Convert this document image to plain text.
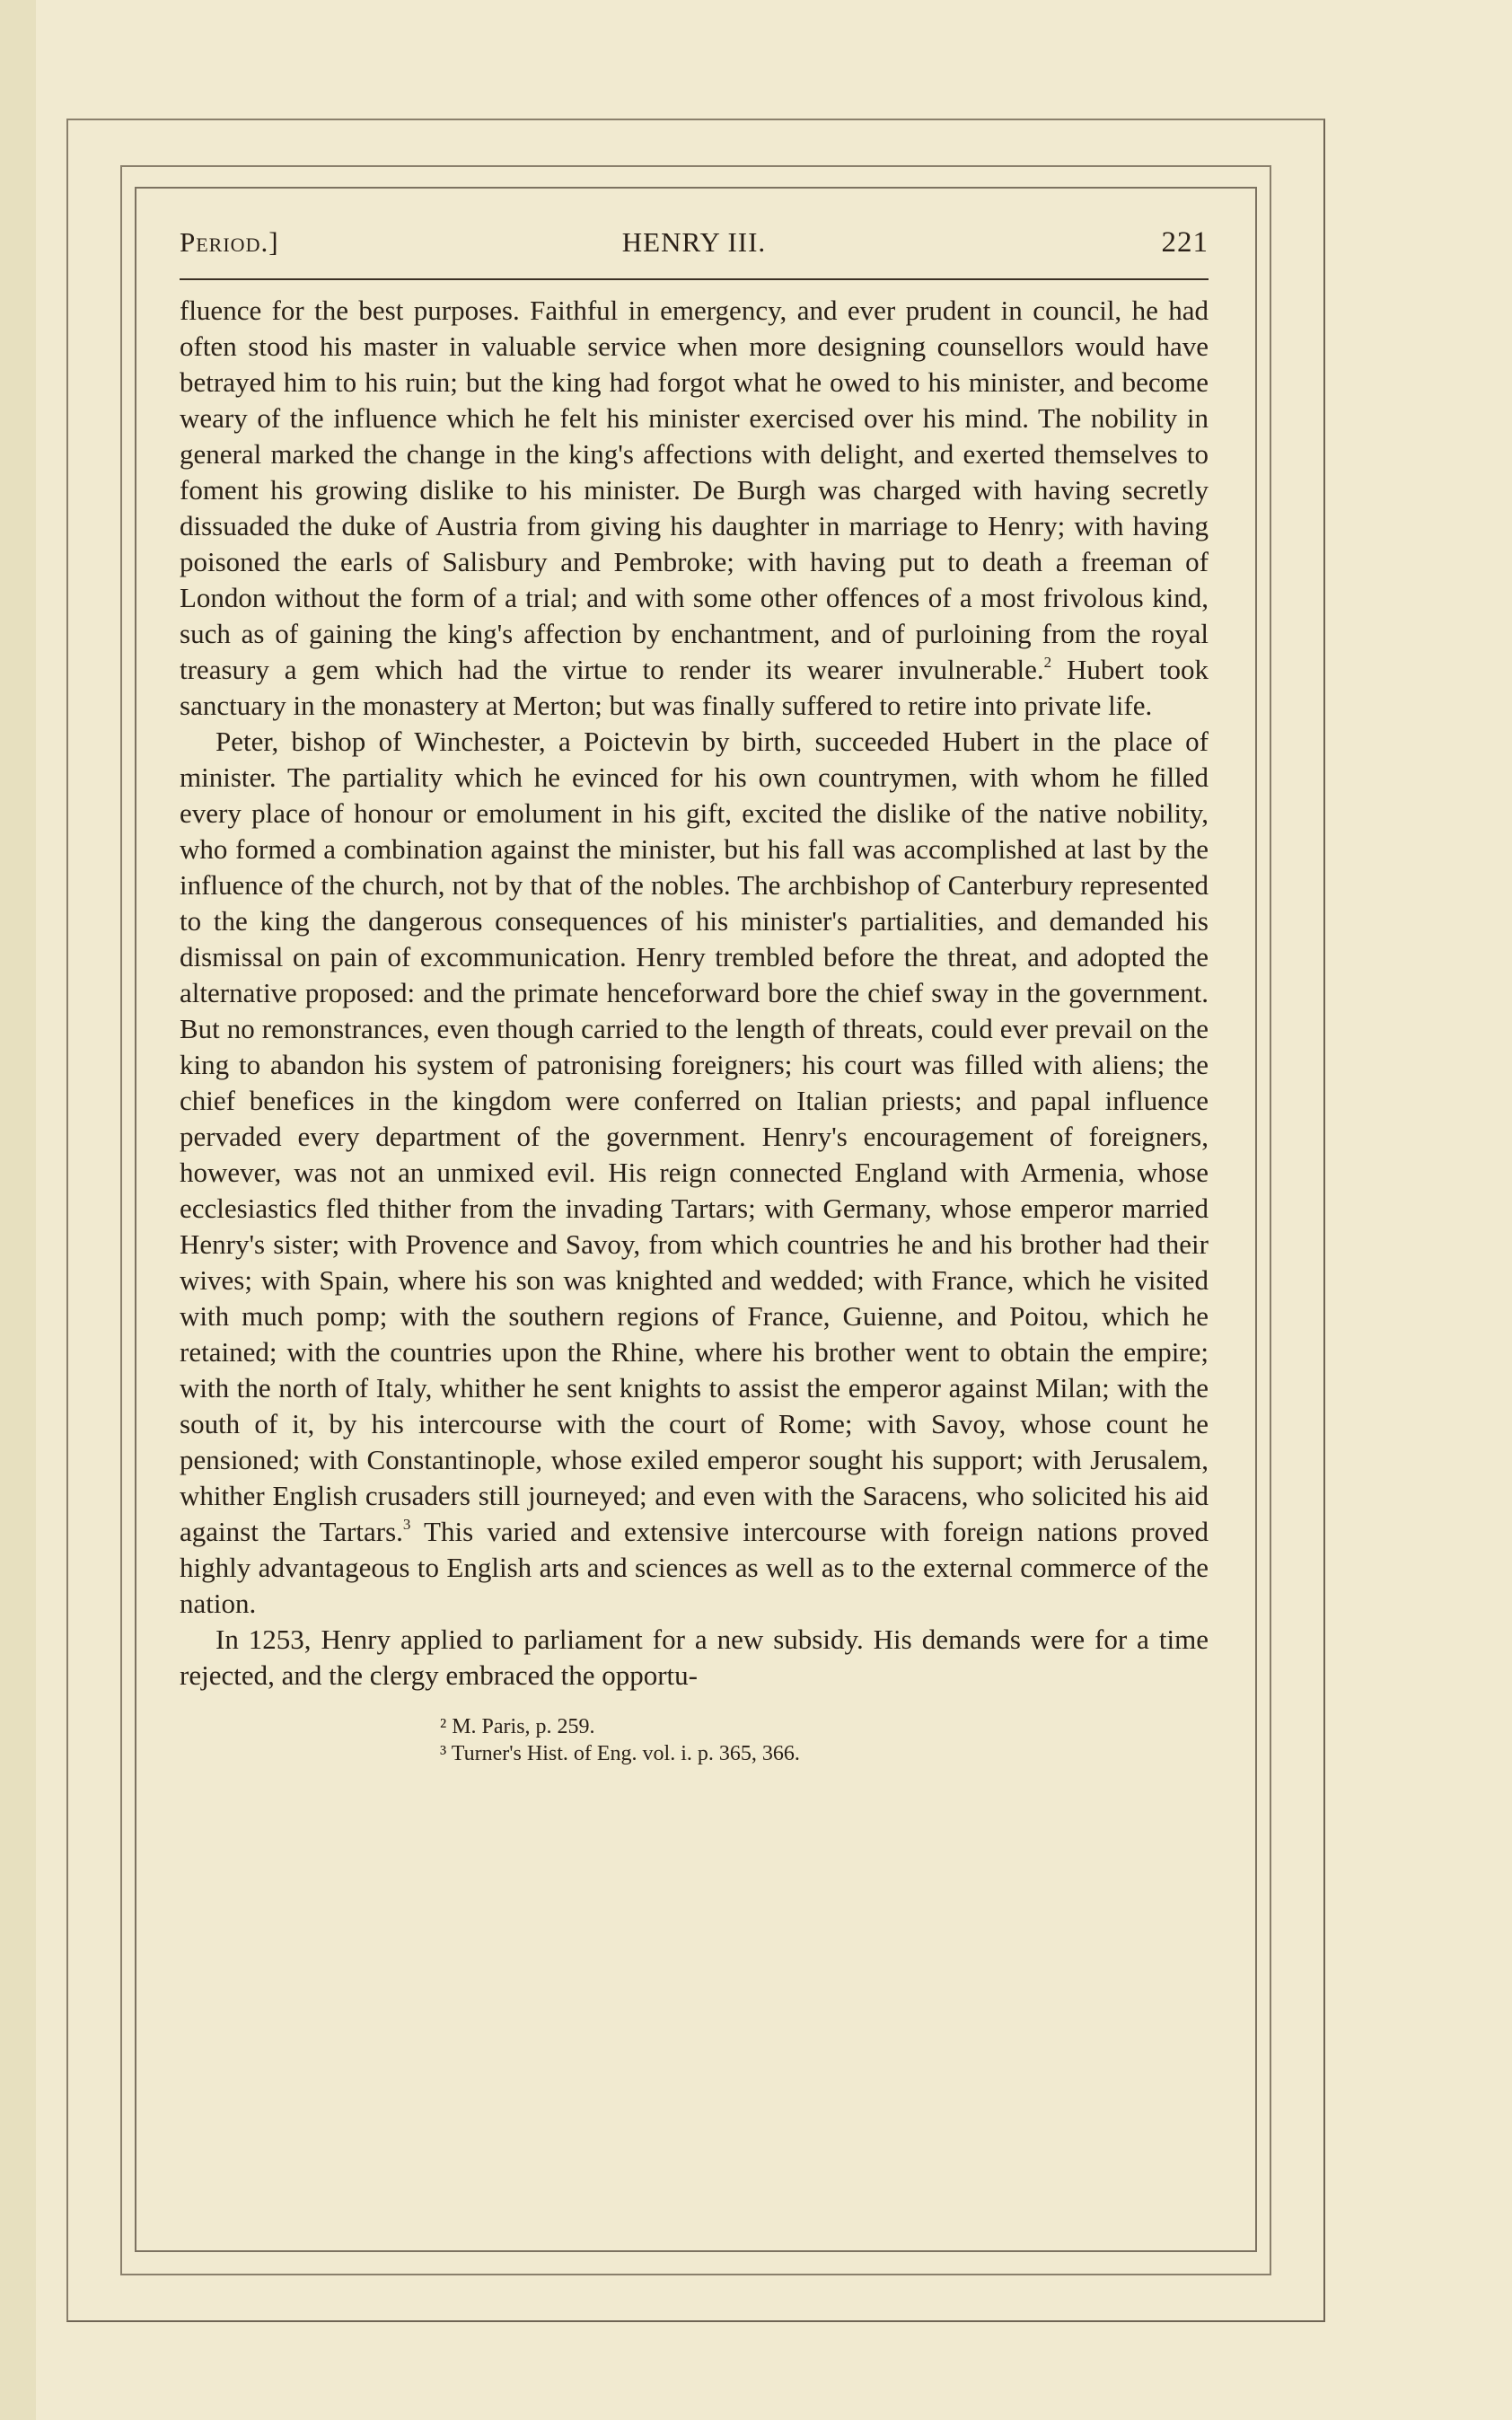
Period.]	HENRY III.	221

fluence for the best purposes. Faithful in emergency, and ever prudent in council, he had often stood his master in valuable service when more designing counsellors would have betrayed him to his ruin; but the king had forgot what he owed to his minister, and become weary of the influence which he felt his minister exercised over his mind. The nobility in general marked the change in the king's affections with delight, and exerted themselves to foment his growing dislike to his minister. De Burgh was charged with having secretly dissuaded the duke of Austria from giving his daughter in marriage to Henry; with having poisoned the earls of Salisbury and Pembroke; with having put to death a freeman of London without the form of a trial; and with some other offences of a most frivolous kind, such as of gaining the king's affection by enchantment, and of purloining from the royal treasury a gem which had the virtue to render its wearer invulnerable.$^2$ Hubert took sanctuary in the monastery at Merton; but was finally suffered to retire into private life.

Peter, bishop of Winchester, a Poictevin by birth, succeeded Hubert in the place of minister. The partiality which he evinced for his own countrymen, with whom he filled every place of honour or emolument in his gift, excited the dislike of the native nobility, who formed a combination against the minister, but his fall was accomplished at last by the influence of the church, not by that of the nobles. The archbishop of Canterbury represented to the king the dangerous consequences of his minister's partialities, and demanded his dismissal on pain of excommunication. Henry trembled before the threat, and adopted the alternative proposed: and the primate henceforward bore the chief sway in the government. But no remonstrances, even though carried to the length of threats, could ever prevail on the king to abandon his system of patronising foreigners; his court was filled with aliens; the chief benefices in the kingdom were conferred on Italian priests; and papal influence pervaded every department of the government. Henry's encouragement of foreigners, however, was not an unmixed evil. His reign connected England with Armenia, whose ecclesiastics fled thither from the invading Tartars; with Germany, whose emperor married Henry's sister; with Provence and Savoy, from which countries he and his brother had their wives; with Spain, where his son was knighted and wedded; with France, which he visited with much pomp; with the southern regions of France, Guienne, and Poitou, which he retained; with the countries upon the Rhine, where his brother went to obtain the empire; with the north of Italy, whither he sent knights to assist the emperor against Milan; with the south of it, by his intercourse with the court of Rome; with Savoy, whose count he pensioned; with Constantinople, whose exiled emperor sought his support; with Jerusalem, whither English crusaders still journeyed; and even with the Saracens, who solicited his aid against the Tartars.$^3$ This varied and extensive intercourse with foreign nations proved highly advantageous to English arts and sciences as well as to the external commerce of the nation.

In 1253, Henry applied to parliament for a new subsidy. His demands were for a time rejected, and the clergy embraced the opportu-

² M. Paris, p. 259.
³ Turner's Hist. of Eng. vol. i. p. 365, 366.
